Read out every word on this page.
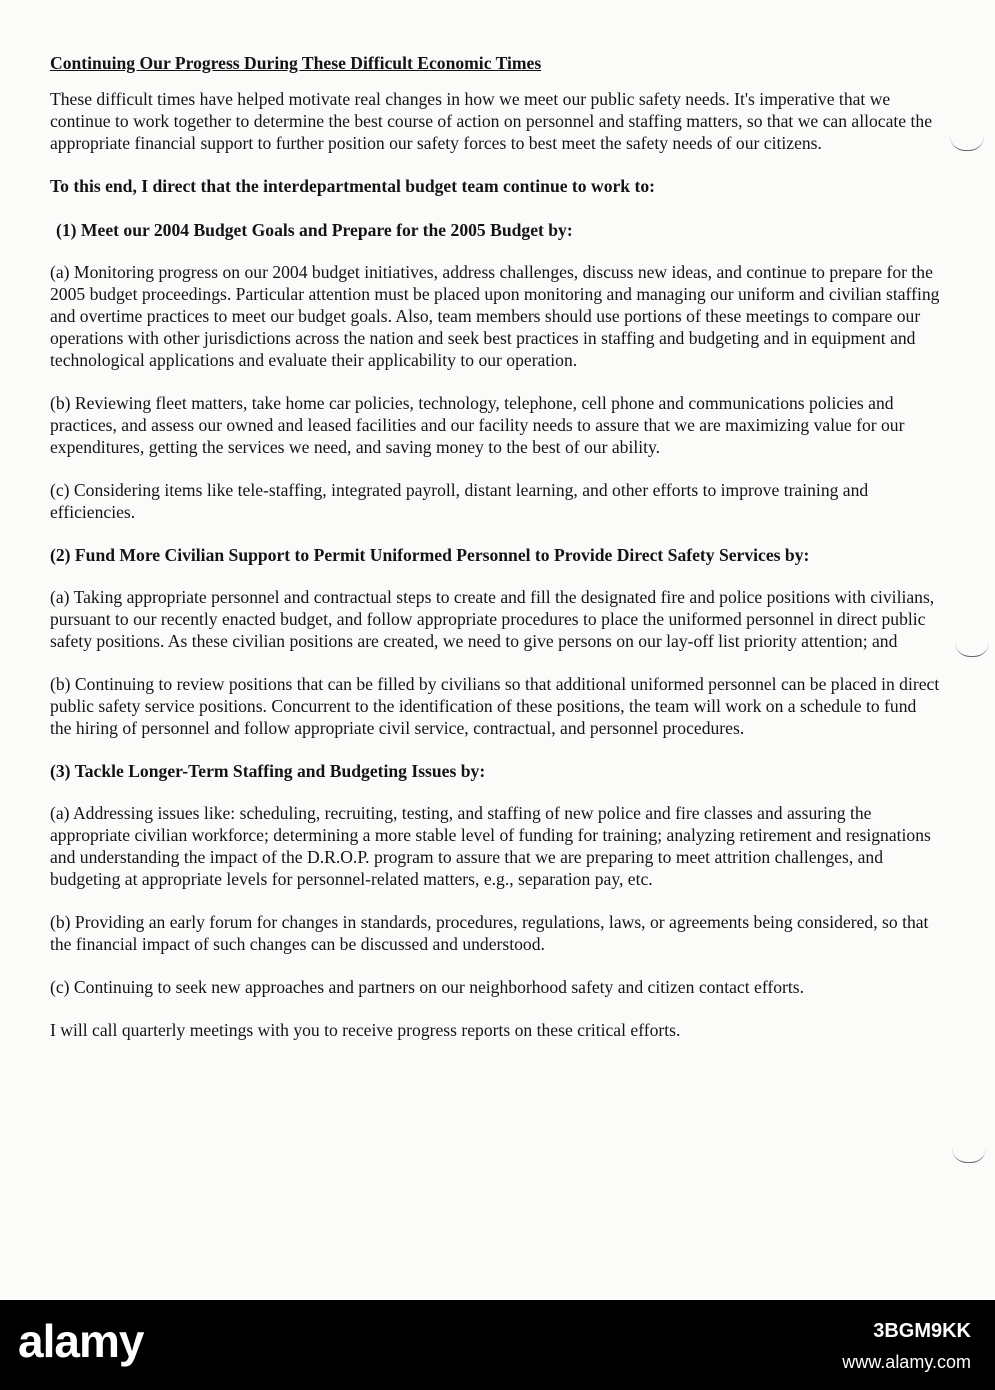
Continuing Our Progress During These Difficult Economic Times

These difficult times have helped motivate real changes in how we meet our public safety needs. It's imperative that we continue to work together to determine the best course of action on personnel and staffing matters, so that we can allocate the appropriate financial support to further position our safety forces to best meet the safety needs of our citizens.

To this end, I direct that the interdepartmental budget team continue to work to:

(1) Meet our 2004 Budget Goals and Prepare for the 2005 Budget by:

(a) Monitoring progress on our 2004 budget initiatives, address challenges, discuss new ideas, and continue to prepare for the 2005 budget proceedings. Particular attention must be placed upon monitoring and managing our uniform and civilian staffing and overtime practices to meet our budget goals. Also, team members should use portions of these meetings to compare our operations with other jurisdictions across the nation and seek best practices in staffing and budgeting and in equipment and technological applications and evaluate their applicability to our operation.

(b) Reviewing fleet matters, take home car policies, technology, telephone, cell phone and communications policies and practices, and assess our owned and leased facilities and our facility needs to assure that we are maximizing value for our expenditures, getting the services we need, and saving money to the best of our ability.

(c) Considering items like tele-staffing, integrated payroll, distant learning, and other efforts to improve training and efficiencies.

(2) Fund More Civilian Support to Permit Uniformed Personnel to Provide Direct Safety Services by:

(a) Taking appropriate personnel and contractual steps to create and fill the designated fire and police positions with civilians, pursuant to our recently enacted budget, and follow appropriate procedures to place the uniformed personnel in direct public safety positions. As these civilian positions are created, we need to give persons on our lay-off list priority attention; and

(b) Continuing to review positions that can be filled by civilians so that additional uniformed personnel can be placed in direct public safety service positions. Concurrent to the identification of these positions, the team will work on a schedule to fund the hiring of personnel and follow appropriate civil service, contractual, and personnel procedures.

(3) Tackle Longer-Term Staffing and Budgeting Issues by:

(a) Addressing issues like: scheduling, recruiting, testing, and staffing of new police and fire classes and assuring the appropriate civilian workforce; determining a more stable level of funding for training; analyzing retirement and resignations and understanding the impact of the D.R.O.P. program to assure that we are preparing to meet attrition challenges, and budgeting at appropriate levels for personnel-related matters, e.g., separation pay, etc.

(b) Providing an early forum for changes in standards, procedures, regulations, laws, or agreements being considered, so that the financial impact of such changes can be discussed and understood.

(c) Continuing to seek new approaches and partners on our neighborhood safety and citizen contact efforts.

I will call quarterly meetings with you to receive progress reports on these critical efforts.

alamy	3BGM9KK
www.alamy.com
